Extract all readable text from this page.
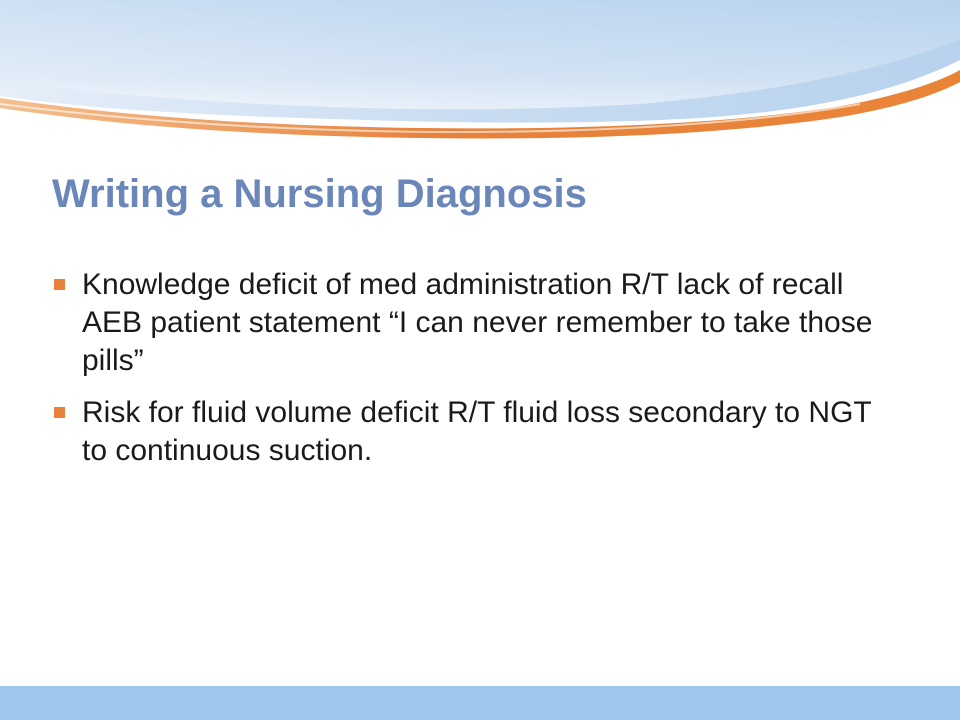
Writing a Nursing Diagnosis
Knowledge deficit of med administration R/T lack of recall AEB patient statement “I can never remember to take those pills”
Risk for fluid volume deficit R/T fluid loss secondary to NGT to continuous suction.
